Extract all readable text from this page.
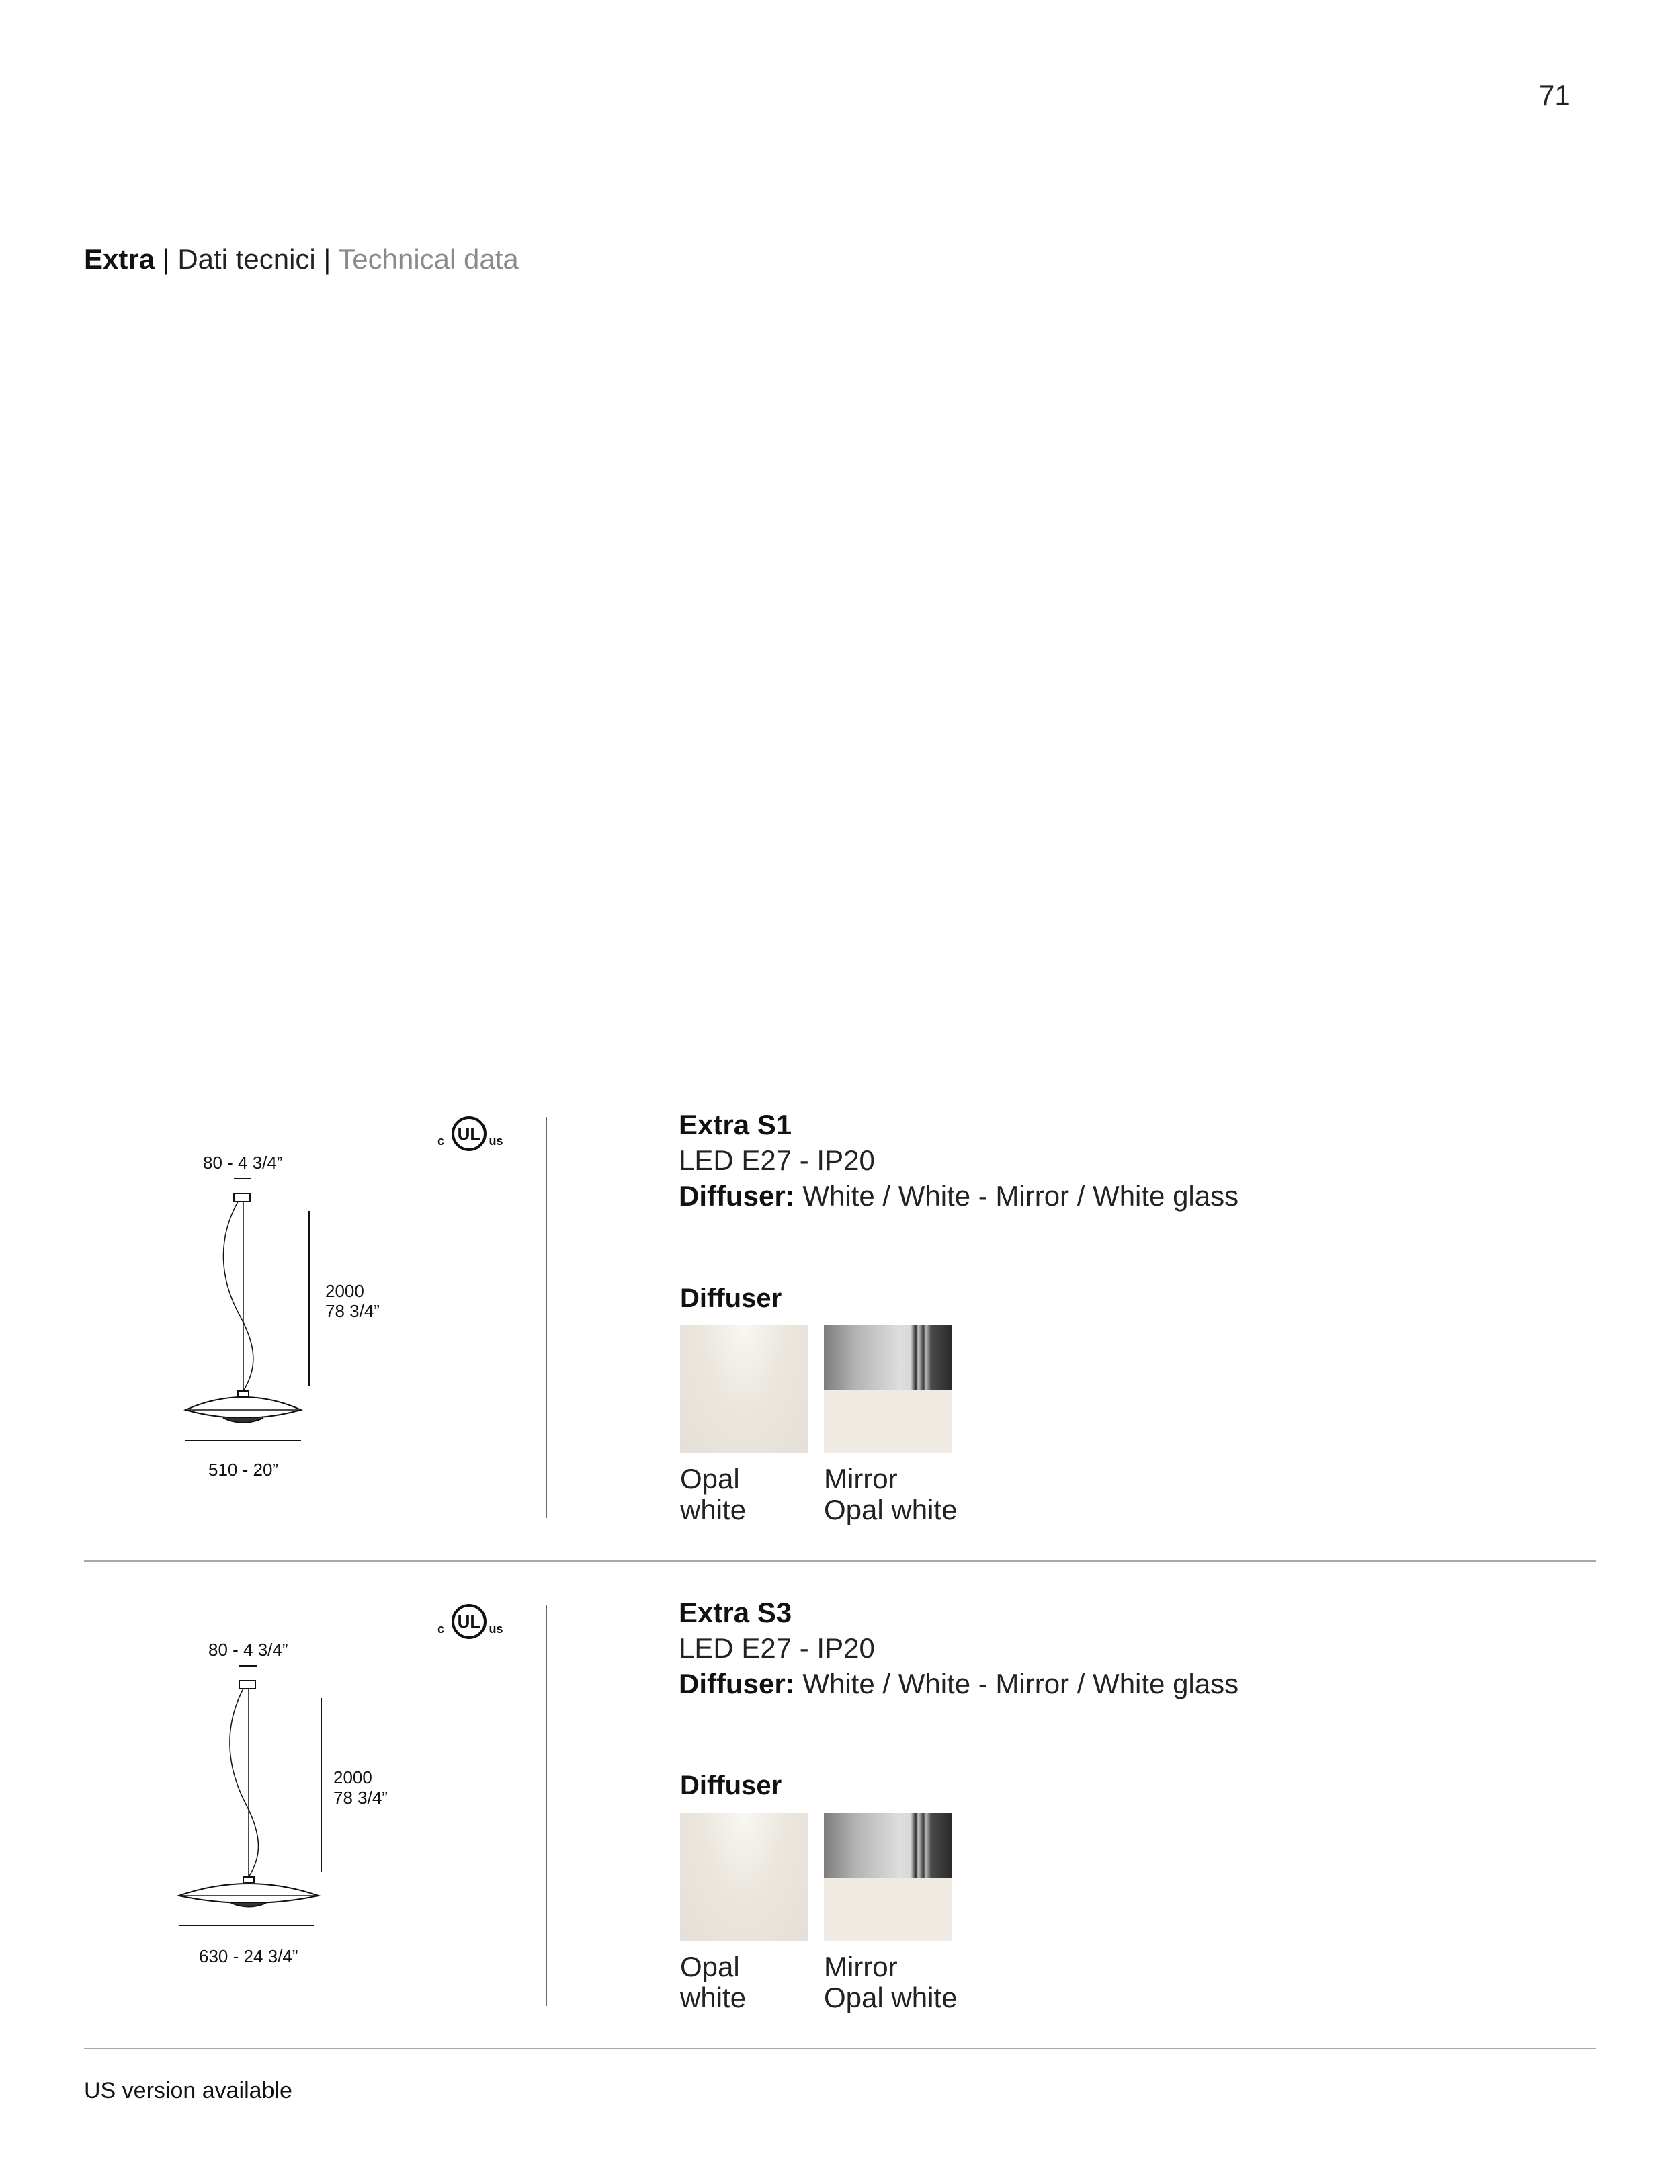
71
Extra | Dati tecnici | Technical data
80 - 4 3/4”
2000
78 3/4”
510 - 20”
UL
c	us
Extra S1
LED E27 - IP20
Diffuser: White / White - Mirror / White glass
Diffuser
Opal
white
Mirror
Opal white
80 - 4 3/4”
2000
78 3/4”
630 - 24 3/4”
UL
c	us
Extra S3
LED E27 - IP20
Diffuser: White / White - Mirror / White glass
Diffuser
Opal
white
Mirror
Opal white
US version available
